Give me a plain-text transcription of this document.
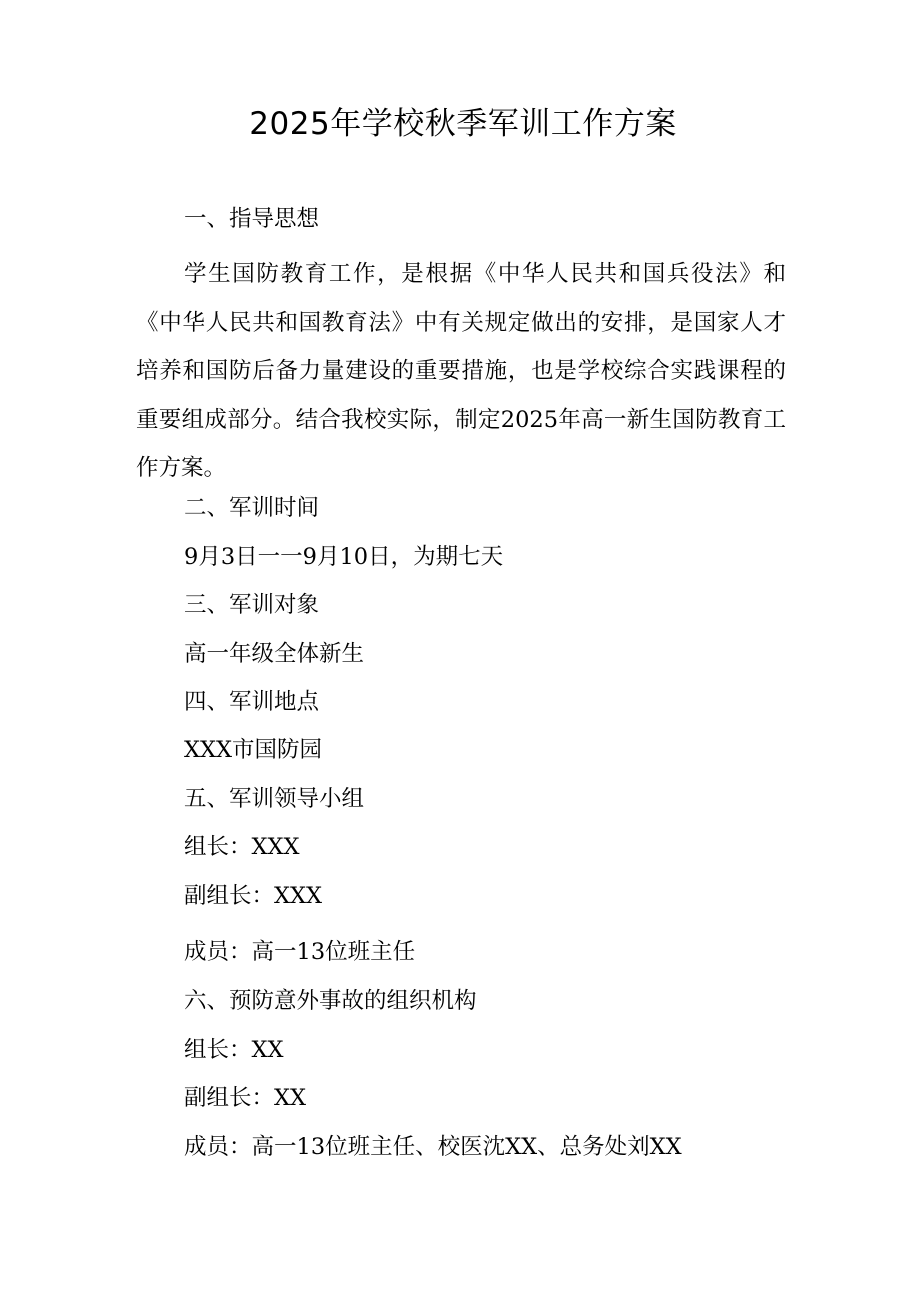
2025年学校秋季军训工作方案
一、指导思想
学生国防教育工作，是根据《中华人民共和国兵役法》和《中华人民共和国教育法》中有关规定做出的安排，是国家人才培养和国防后备力量建设的重要措施，也是学校综合实践课程的重要组成部分。结合我校实际，制定2025年高一新生国防教育工作方案。
二、军训时间
9月3日一一9月10日，为期七天
三、军训对象
高一年级全体新生
四、军训地点
XXX市国防园
五、军训领导小组
组长：XXX
副组长：XXX
成员：高一13位班主任
六、预防意外事故的组织机构
组长：XX
副组长：XX
成员：高一13位班主任、校医沈XX、总务处刘XX
